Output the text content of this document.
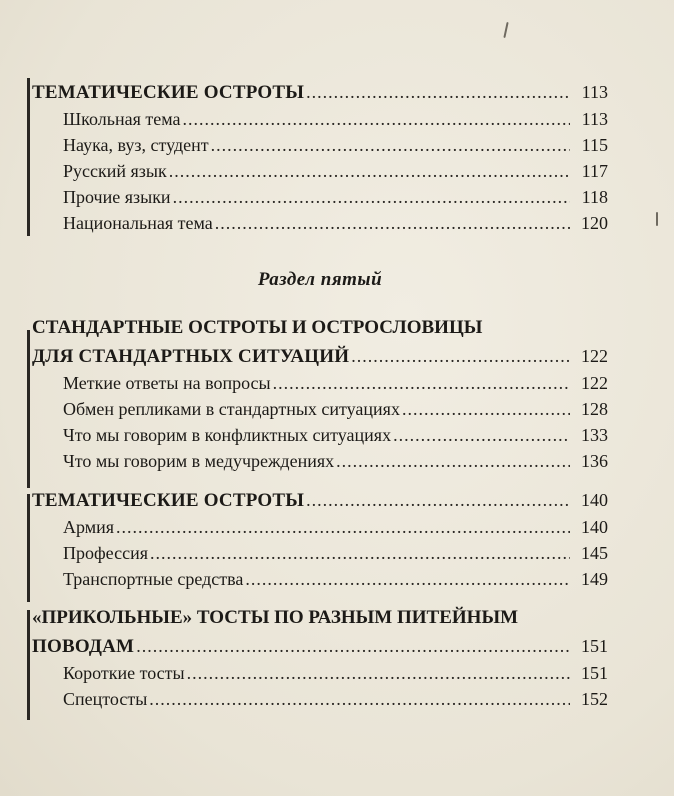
ТЕМАТИЧЕСКИЕ ОСТРОТЫ .....	113
Школьная тема .....	113
Наука, вуз, студент .....	115
Русский язык .....	117
Прочие языки .....	118
Национальная тема .....	120
Раздел пятый
СТАНДАРТНЫЕ ОСТРОТЫ И ОСТРОСЛОВИЦЫ
ДЛЯ СТАНДАРТНЫХ СИТУАЦИЙ .....	122
Меткие ответы на вопросы .....	122
Обмен репликами в стандартных ситуациях .....	128
Что мы говорим в конфликтных ситуациях .....	133
Что мы говорим в медучреждениях .....	136
ТЕМАТИЧЕСКИЕ ОСТРОТЫ .....	140
Армия .....	140
Профессия .....	145
Транспортные средства .....	149
«ПРИКОЛЬНЫЕ» ТОСТЫ ПО РАЗНЫМ ПИТЕЙНЫМ
ПОВОДАМ .....	151
Короткие тосты .....	151
Спецтосты .....	152
